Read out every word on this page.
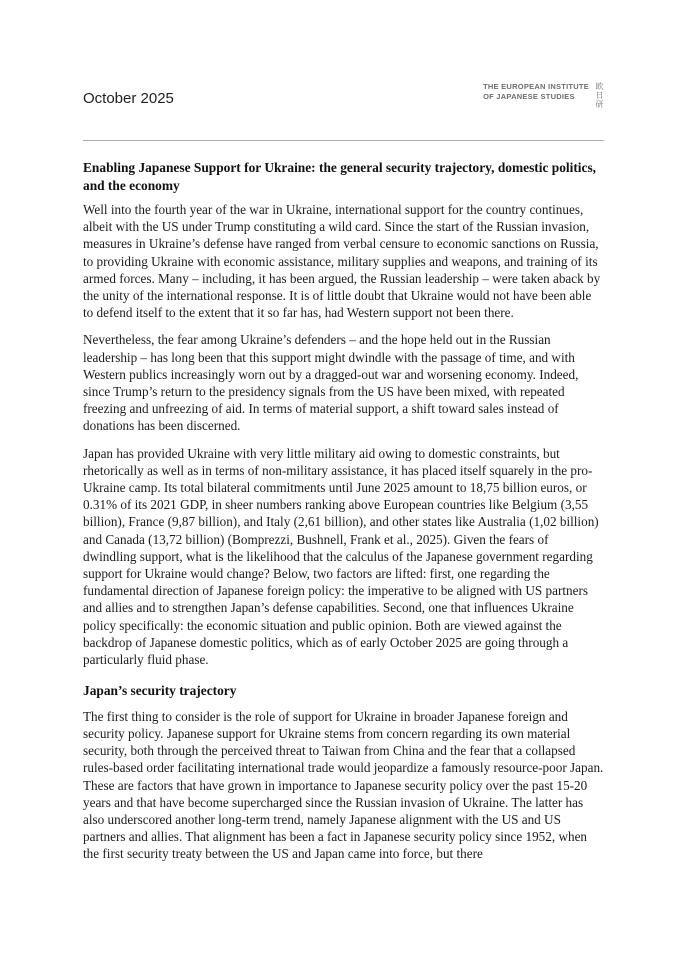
October 2025
THE EUROPEAN INSTITUTE
OF JAPANESE STUDIES	欧日研
Enabling Japanese Support for Ukraine: the general security trajectory, domestic politics, and the economy

Well into the fourth year of the war in Ukraine, international support for the country continues, albeit with the US under Trump constituting a wild card. Since the start of the Russian invasion, measures in Ukraine’s defense have ranged from verbal censure to economic sanctions on Russia, to providing Ukraine with economic assistance, military supplies and weapons, and training of its armed forces. Many – including, it has been argued, the Russian leadership – were taken aback by the unity of the international response. It is of little doubt that Ukraine would not have been able to defend itself to the extent that it so far has, had Western support not been there.

Nevertheless, the fear among Ukraine’s defenders – and the hope held out in the Russian leadership – has long been that this support might dwindle with the passage of time, and with Western publics increasingly worn out by a dragged-out war and worsening economy. Indeed, since Trump’s return to the presidency signals from the US have been mixed, with repeated freezing and unfreezing of aid. In terms of material support, a shift toward sales instead of donations has been discerned.

Japan has provided Ukraine with very little military aid owing to domestic constraints, but rhetorically as well as in terms of non-military assistance, it has placed itself squarely in the pro-Ukraine camp. Its total bilateral commitments until June 2025 amount to 18,75 billion euros, or 0.31% of its 2021 GDP, in sheer numbers ranking above European countries like Belgium (3,55 billion), France (9,87 billion), and Italy (2,61 billion), and other states like Australia (1,02 billion) and Canada (13,72 billion) (Bomprezzi, Bushnell, Frank et al., 2025). Given the fears of dwindling support, what is the likelihood that the calculus of the Japanese government regarding support for Ukraine would change? Below, two factors are lifted: first, one regarding the fundamental direction of Japanese foreign policy: the imperative to be aligned with US partners and allies and to strengthen Japan’s defense capabilities. Second, one that influences Ukraine policy specifically: the economic situation and public opinion. Both are viewed against the backdrop of Japanese domestic politics, which as of early October 2025 are going through a particularly fluid phase.

Japan’s security trajectory

The first thing to consider is the role of support for Ukraine in broader Japanese foreign and security policy. Japanese support for Ukraine stems from concern regarding its own material security, both through the perceived threat to Taiwan from China and the fear that a collapsed rules-based order facilitating international trade would jeopardize a famously resource-poor Japan. These are factors that have grown in importance to Japanese security policy over the past 15-20 years and that have become supercharged since the Russian invasion of Ukraine. The latter has also underscored another long-term trend, namely Japanese alignment with the US and US partners and allies. That alignment has been a fact in Japanese security policy since 1952, when the first security treaty between the US and Japan came into force, but there
